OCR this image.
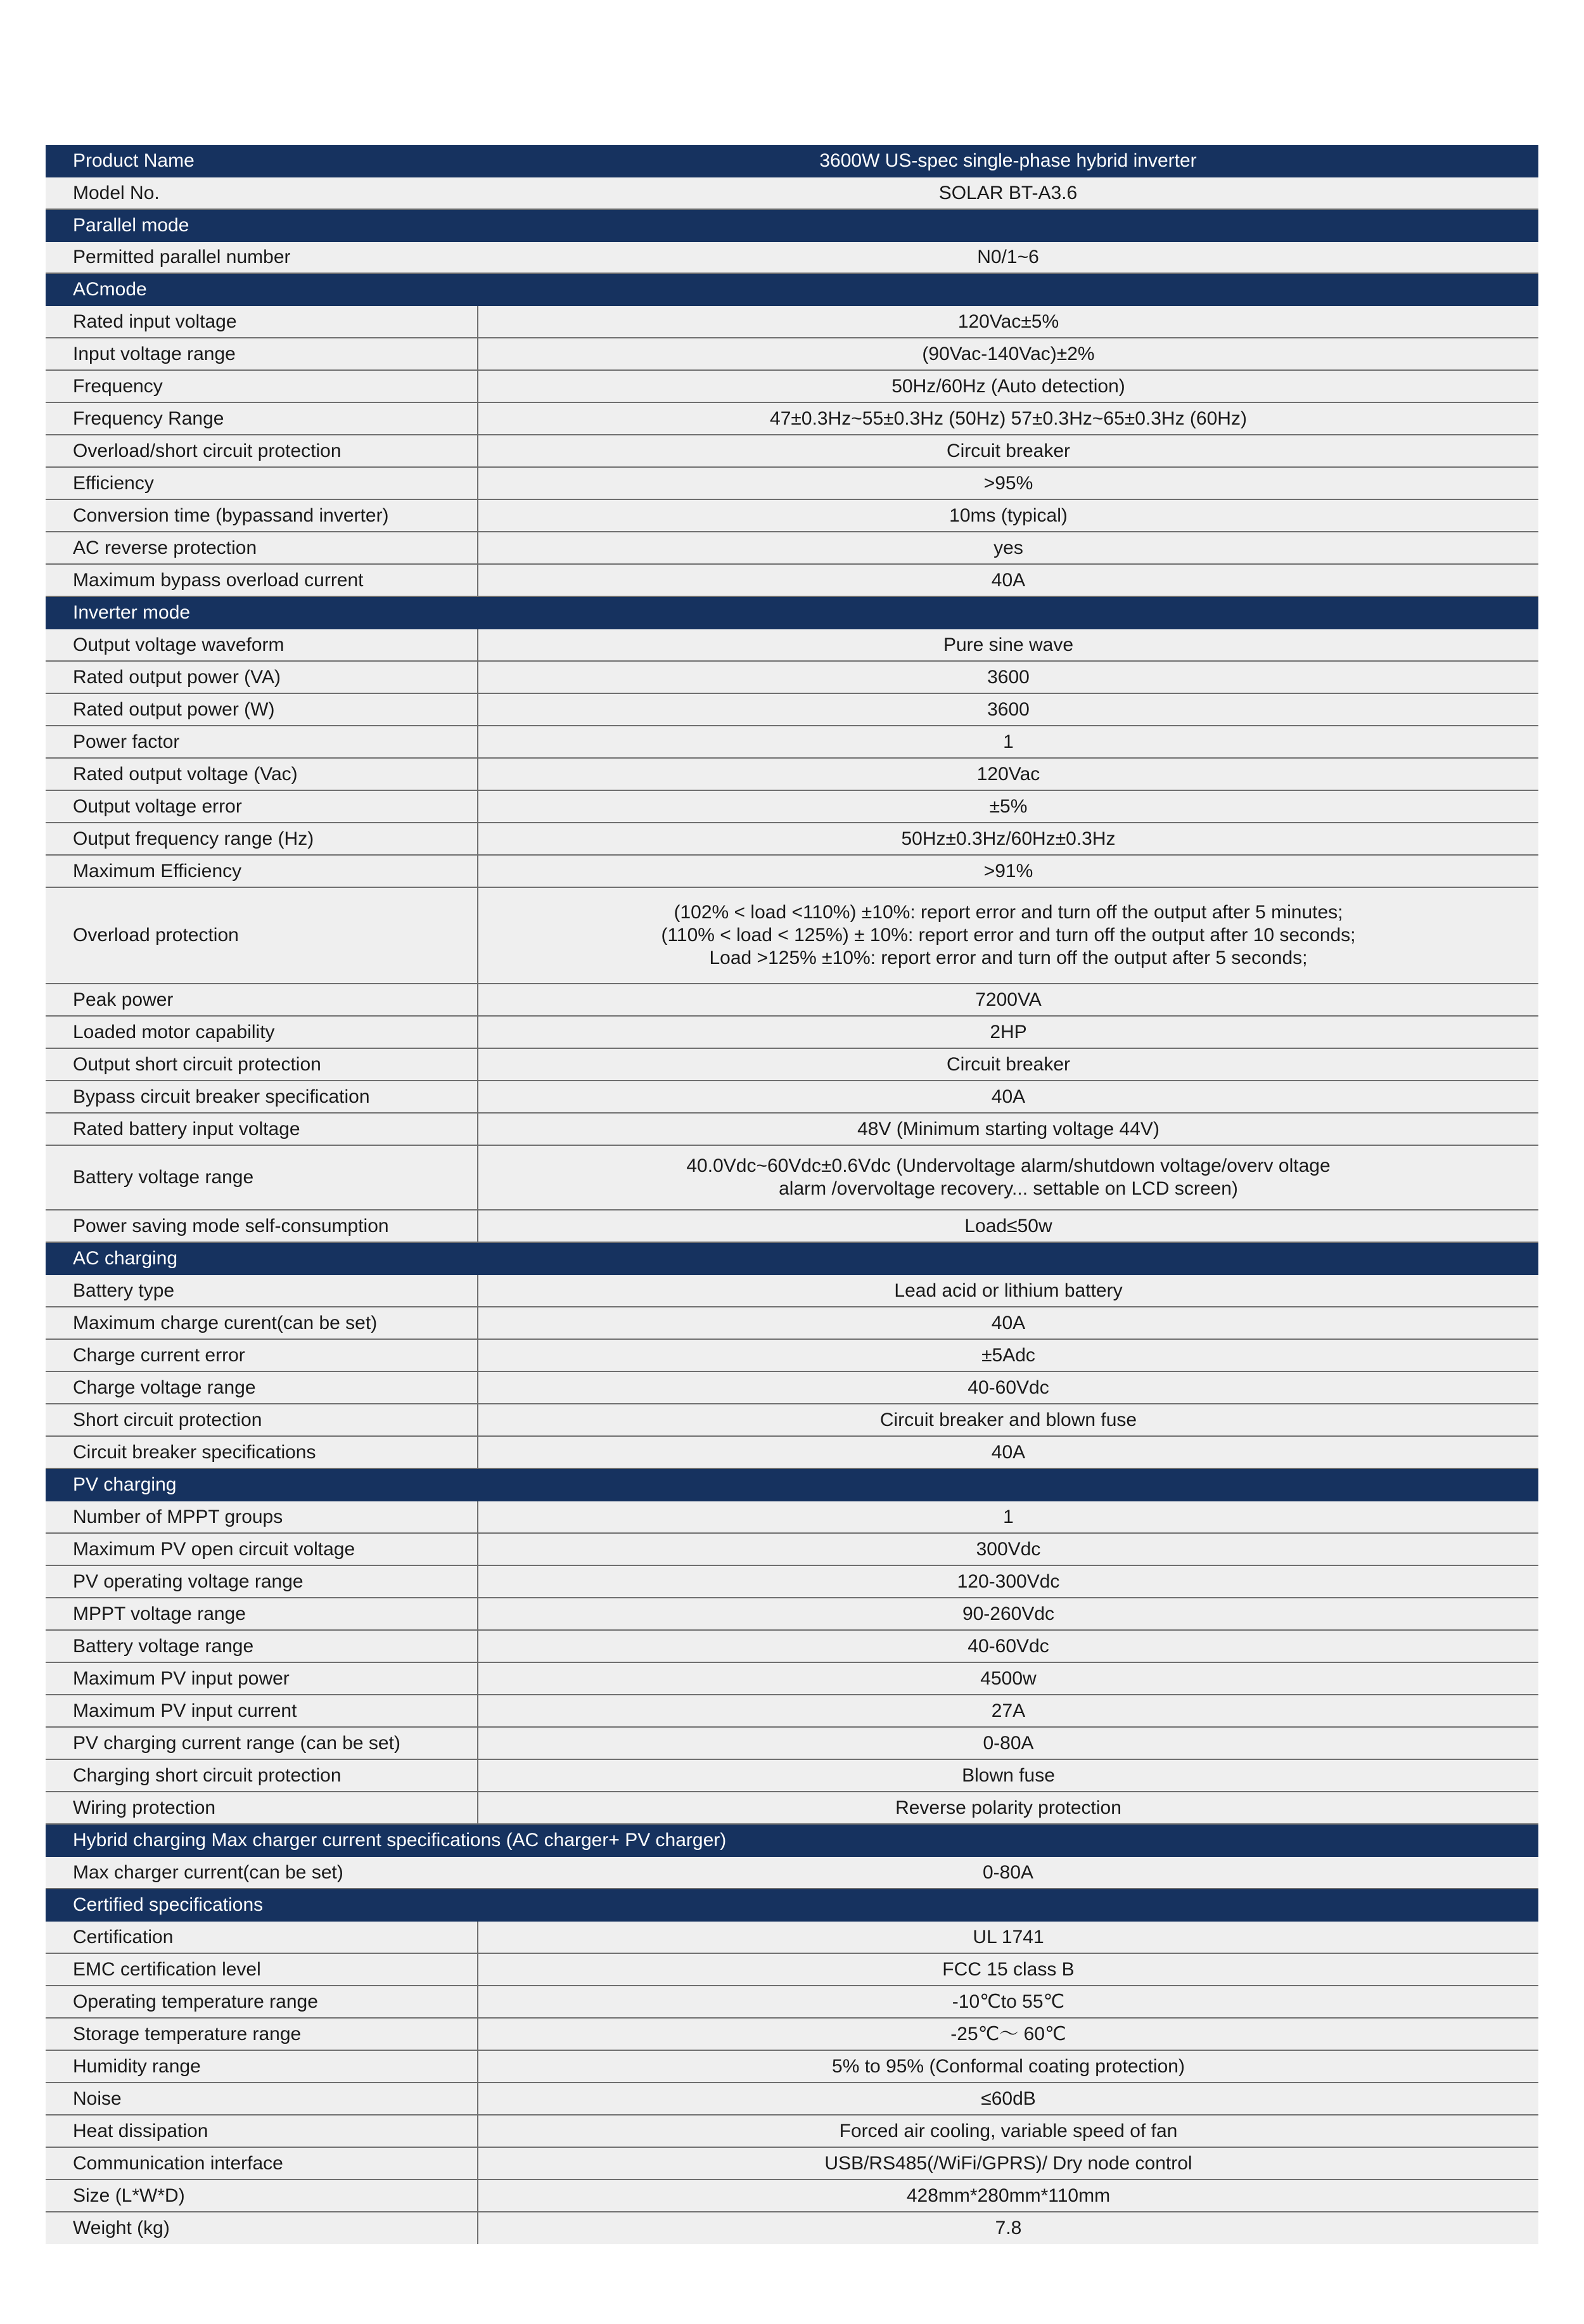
Product Name	3600W US-spec single-phase hybrid inverter
Model No.	SOLAR BT-A3.6
Parallel mode	
Permitted parallel number	N0/1~6
ACmode	
Rated input voltage	120Vac±5%
Input voltage range	(90Vac-140Vac)±2%
Frequency	50Hz/60Hz (Auto detection)
Frequency Range	47±0.3Hz~55±0.3Hz (50Hz) 57±0.3Hz~65±0.3Hz (60Hz)
Overload/short circuit protection	Circuit breaker
Efficiency	>95%
Conversion time (bypassand inverter)	10ms (typical)
AC reverse protection	yes
Maximum bypass overload current	40A
Inverter mode	
Output voltage waveform	Pure sine wave
Rated output power (VA)	3600
Rated output power (W)	3600
Power factor	1
Rated output voltage (Vac)	120Vac
Output voltage error	±5%
Output frequency range (Hz)	50Hz±0.3Hz/60Hz±0.3Hz
Maximum Efficiency	>91%
Overload protection	(102% < load <110%) ±10%: report error and turn off the output after 5 minutes;
(110% < load < 125%) ± 10%: report error and turn off the output after 10 seconds;
Load >125% ±10%: report error and turn off the output after 5 seconds;

Peak power	7200VA
Loaded motor capability	2HP
Output short circuit protection	Circuit breaker
Bypass circuit breaker specification	40A
Rated battery input voltage	48V (Minimum starting voltage 44V)
Battery voltage range	40.0Vdc~60Vdc±0.6Vdc (Undervoltage alarm/shutdown voltage/overv oltage
alarm /overvoltage recovery... settable on LCD screen)

Power saving mode self-consumption	Load≤50w
AC charging	
Battery type	Lead acid or lithium battery
Maximum charge curent(can be set)	40A
Charge current error	±5Adc
Charge voltage range	40-60Vdc
Short circuit protection	Circuit breaker and blown fuse
Circuit breaker specifications	40A
PV charging	
Number of MPPT groups	1
Maximum PV open circuit voltage	300Vdc
PV operating voltage range	120-300Vdc
MPPT voltage range	90-260Vdc
Battery voltage range	40-60Vdc
Maximum PV input power	4500w
Maximum PV input current	27A
PV charging current range (can be set)	0-80A
Charging short circuit protection	Blown fuse
Wiring protection	Reverse polarity protection
Hybrid charging Max charger current specifications (AC charger+ PV charger)	
Max charger current(can be set)	0-80A
Certified specifications	
Certification	UL 1741
EMC certification level	FCC 15 class B
Operating temperature range	-10℃to 55℃
Storage temperature range	-25℃～ 60℃
Humidity range	5% to 95% (Conformal coating protection)
Noise	≤60dB
Heat dissipation	Forced air cooling, variable speed of fan
Communication interface	USB/RS485(/WiFi/GPRS)/ Dry node control
Size (L*W*D)	428mm*280mm*110mm
Weight (kg)	7.8
